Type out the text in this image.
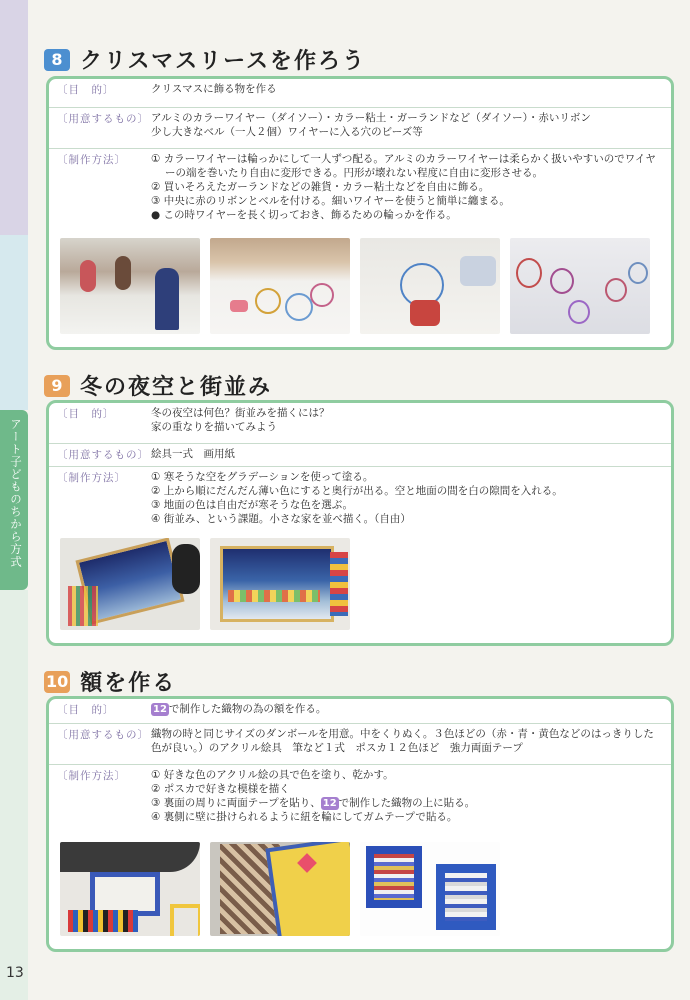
アート子どものちから方式
13
8 クリスマスリースを作ろう
〔目　的〕	クリスマスに飾る物を作る
〔用意するもの〕 アルミのカラーワイヤー（ダイソー）・カラー粘土・ガーランドなど（ダイソー）・赤いリボン

少し大きなベル（一人２個）ワイヤーに入る穴のビーズ等

〔制作方法〕	① カラーワイヤーは輪っかにして一人ずつ配る。アルミのカラーワイヤーは柔らかく扱いやすいのでワイヤーの端を巻いたり自由に変形できる。円形が壊れない程度に自由に変形させる。

② 買いそろえたガーランドなどの雑貨・カラー粘土などを自由に飾る。

③ 中央に赤のリボンとベルを付ける。細いワイヤーを使うと簡単に纏まる。

● この時ワイヤーを長く切っておき、飾るための輪っかを作る。

9 冬の夜空と街並み
〔目　的〕	冬の夜空は何色？街並みを描くには？

家の重なりを描いてみよう

〔用意するもの〕 絵具一式　画用紙
〔制作方法〕	① 寒そうな空をグラデーションを使って塗る。

② 上から順にだんだん薄い色にすると奥行が出る。空と地面の間を白の隙間を入れる。

③ 地面の色は自由だが寒そうな色を選ぶ。

④ 街並み、という課題。小さな家を並べ描く。（自由）

10 額を作る
〔目　的〕	12 で制作した織物の為の額を作る。
〔用意するもの〕 織物の時と同じサイズのダンボールを用意。中をくりぬく。３色ほどの（赤・青・黄色などのはっきりした色が良い。）のアクリル絵具　筆など１式　ポスカ１２色ほど　強力両面テープ
〔制作方法〕	① 好きな色のアクリル絵の具で色を塗り、乾かす。

② ポスカで好きな模様を描く

③ 裏面の周りに両面テープを貼り、 12 で制作した織物の上に貼る。

④ 裏側に壁に掛けられるように紐を輪にしてガムテープで貼る。
